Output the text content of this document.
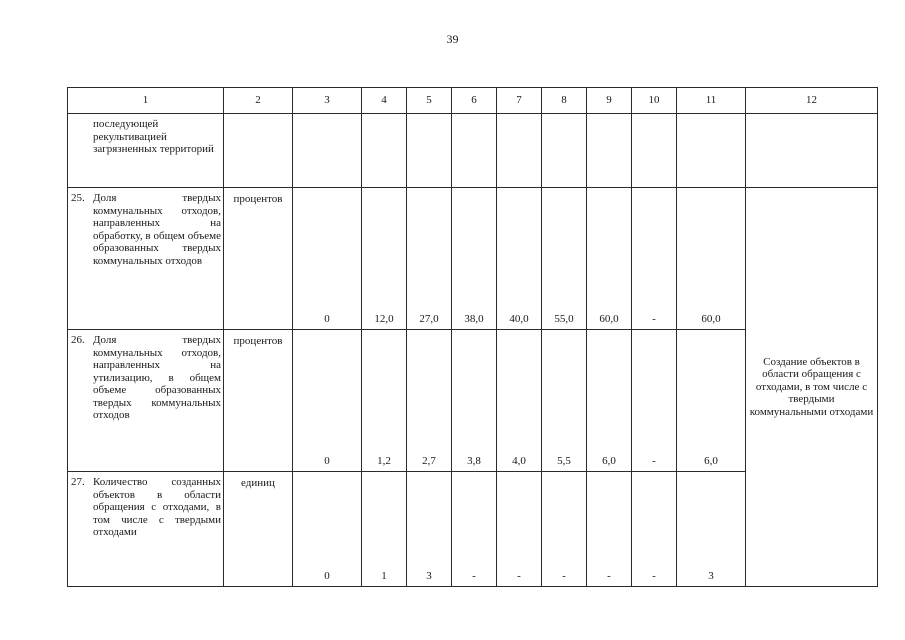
39
1	2	3	4	5	6	7	8	9	10	11	12	

последующей рекультивацией загрязненных территорий												

25. Доля твердых коммунальных отходов, направленных на обработку, в общем объеме образованных твердых коммунальных отходов	процентов	0	12,0	27,0	38,0	40,0	55,0	60,0	-	60,0	Создание объектов в области обращения с отходами, в том числе с твердыми коммунальными отходами	

26. Доля твердых коммунальных отходов, направленных на утилизацию, в общем объеме образованных твердых коммунальных отходов	процентов	0	1,2	2,7	3,8	4,0	5,5	6,0	-	6,0		

27. Количество созданных объектов в области обращения с отходами, в том числе с твердыми отходами	единиц	0	1	3	-	-	-	-	-	3		
